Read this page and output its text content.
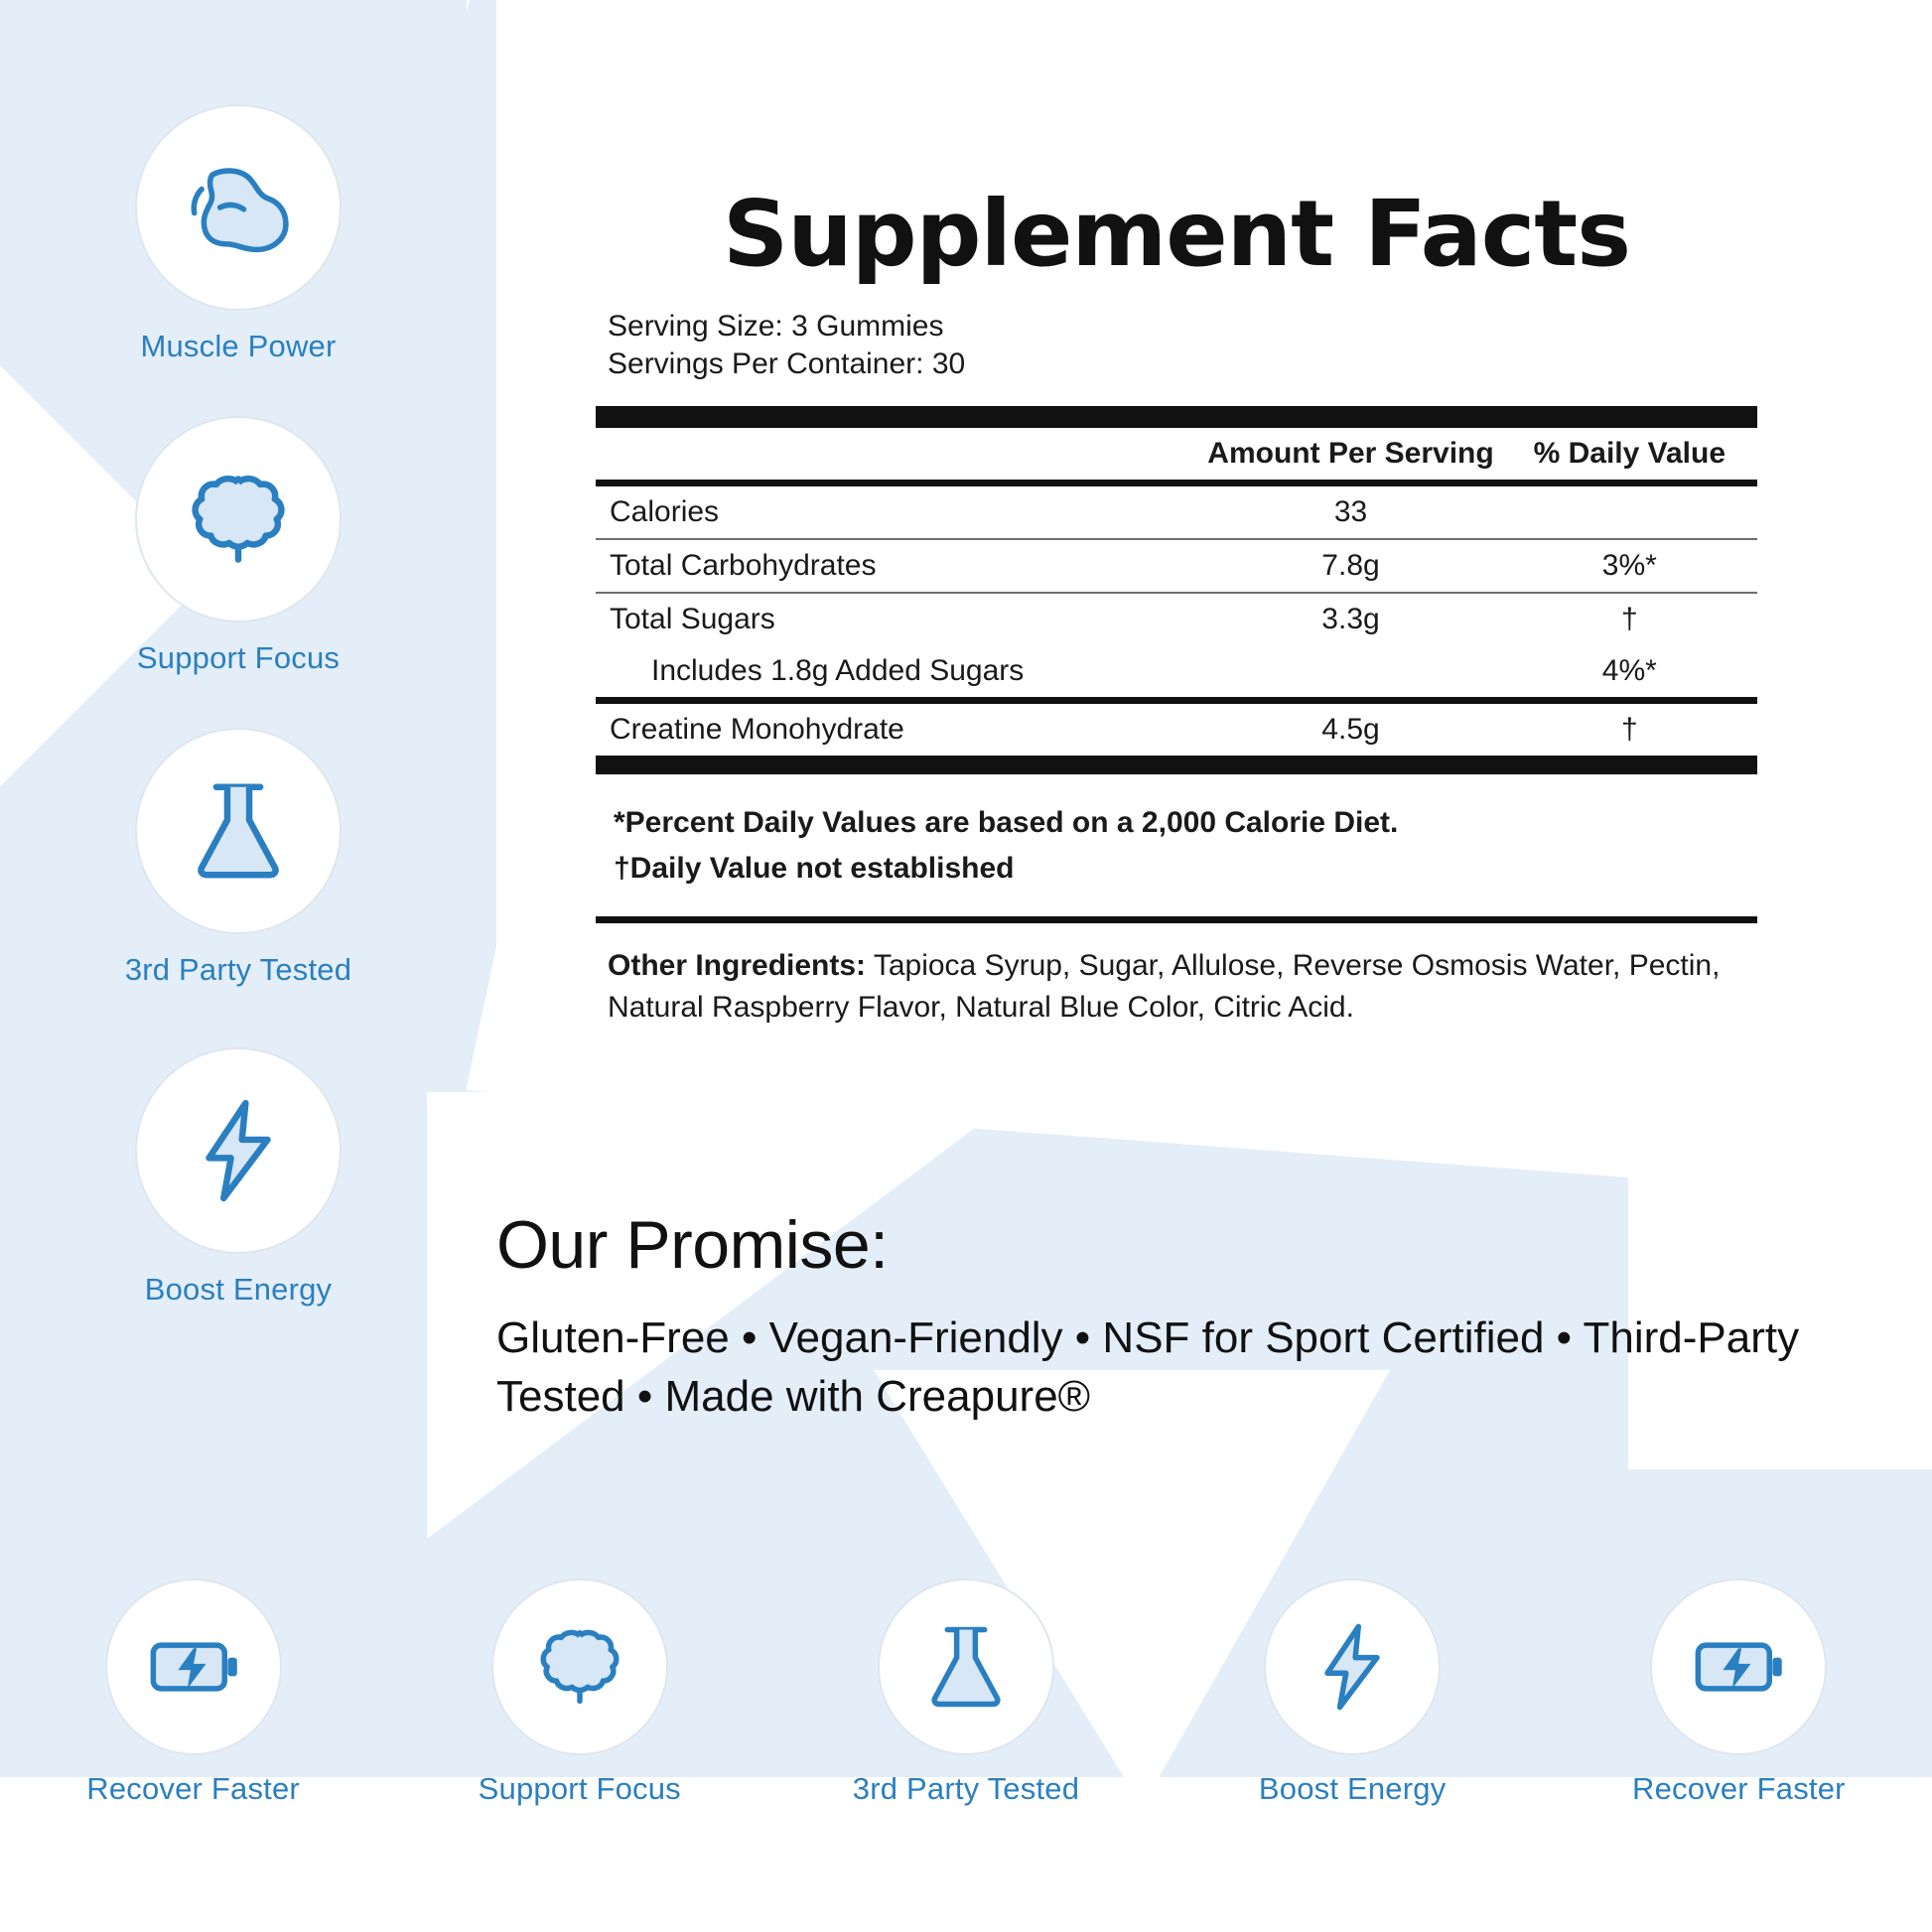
Muscle Power
Support Focus
3rd Party Tested
Boost Energy
Supplement Facts
Serving Size: 3 Gummies
Servings Per Container: 30
	Amount Per Serving	% Daily Value
Calories	33	
Total Carbohydrates	7.8g	3%*
Total Sugars	3.3g	†
Includes 1.8g Added Sugars		4%*
Creatine Monohydrate	4.5g	†
*Percent Daily Values are based on a 2,000 Calorie Diet.
†Daily Value not established
Other Ingredients: Tapioca Syrup, Sugar, Allulose, Reverse Osmosis Water, Pectin, Natural Raspberry Flavor, Natural Blue Color, Citric Acid.
Our Promise:
Gluten-Free • Vegan-Friendly • NSF for Sport Certified • Third-Party Tested • Made with Creapure®
Recover Faster	Support Focus	3rd Party Tested	Boost Energy	Recover Faster
